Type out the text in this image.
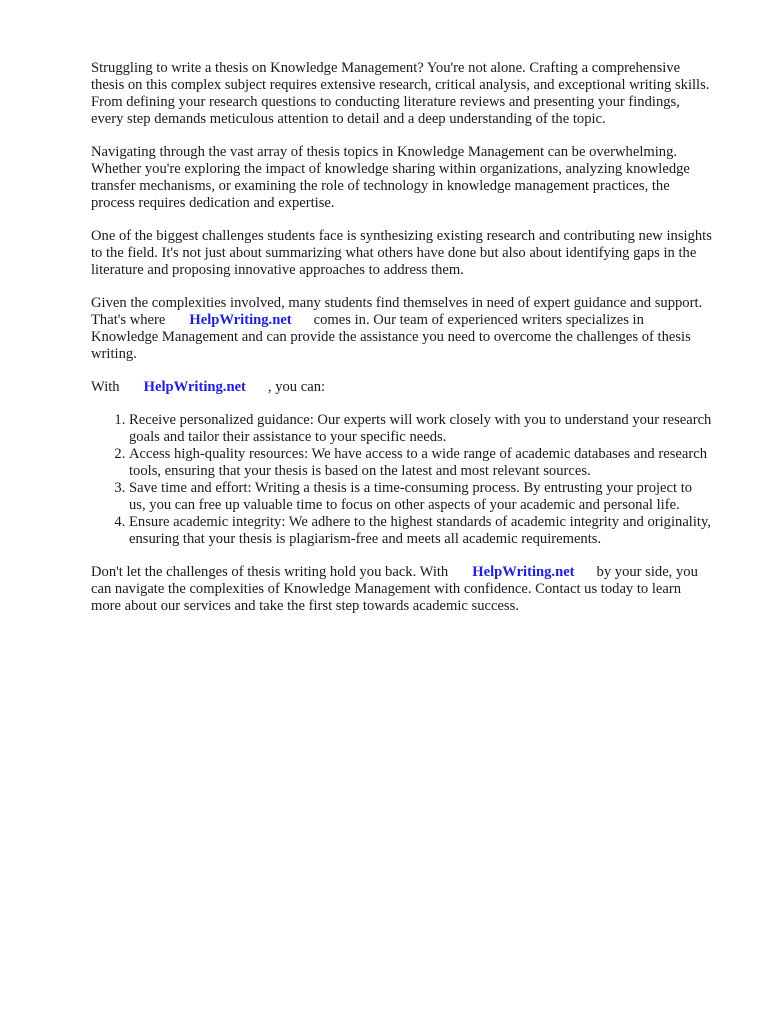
Struggling to write a thesis on Knowledge Management? You're not alone. Crafting a comprehensive thesis on this complex subject requires extensive research, critical analysis, and exceptional writing skills. From defining your research questions to conducting literature reviews and presenting your findings, every step demands meticulous attention to detail and a deep understanding of the topic.

Navigating through the vast array of thesis topics in Knowledge Management can be overwhelming. Whether you're exploring the impact of knowledge sharing within organizations, analyzing knowledge transfer mechanisms, or examining the role of technology in knowledge management practices, the process requires dedication and expertise.

One of the biggest challenges students face is synthesizing existing research and contributing new insights to the field. It's not just about summarizing what others have done but also about identifying gaps in the literature and proposing innovative approaches to address them.

Given the complexities involved, many students find themselves in need of expert guidance and support. That's where HelpWriting.net comes in. Our team of experienced writers specializes in Knowledge Management and can provide the assistance you need to overcome the challenges of thesis writing.

With HelpWriting.net , you can:

1. Receive personalized guidance: Our experts will work closely with you to understand your research goals and tailor their assistance to your specific needs.
2. Access high-quality resources: We have access to a wide range of academic databases and research tools, ensuring that your thesis is based on the latest and most relevant sources.
3. Save time and effort: Writing a thesis is a time-consuming process. By entrusting your project to us, you can free up valuable time to focus on other aspects of your academic and personal life.
4. Ensure academic integrity: We adhere to the highest standards of academic integrity and originality, ensuring that your thesis is plagiarism-free and meets all academic requirements.

Don't let the challenges of thesis writing hold you back. With HelpWriting.net by your side, you can navigate the complexities of Knowledge Management with confidence. Contact us today to learn more about our services and take the first step towards academic success.
